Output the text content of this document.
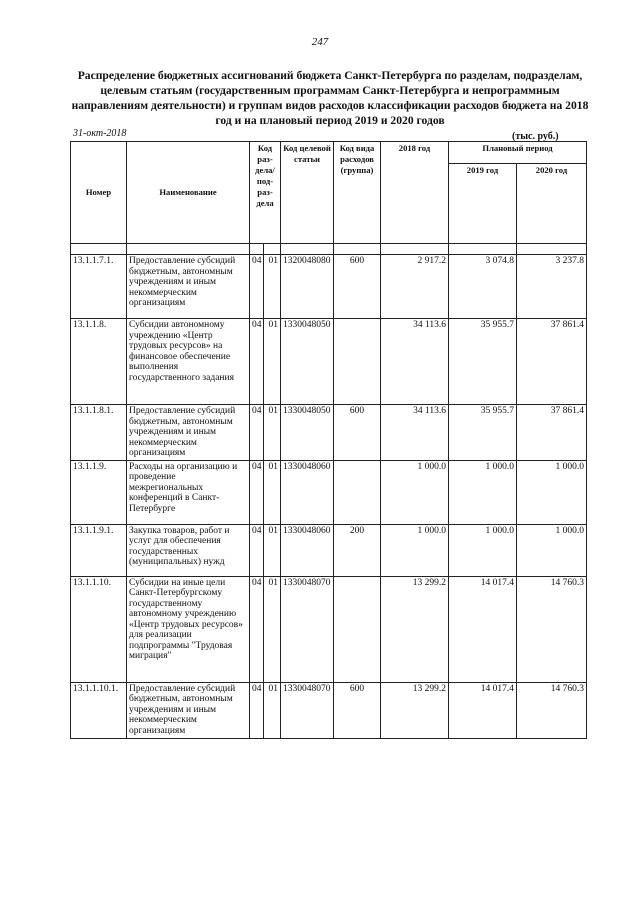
247
Распределение бюджетных ассигнований бюджета Санкт-Петербурга по разделам, подразделам, целевым статьям (государственным программам Санкт-Петербурга и непрограммным направлениям деятельности) и группам видов расходов классификации расходов бюджета на 2018 год и на плановый период 2019 и 2020 годов
31-окт-2018	(тыс. руб.)
Номер	Наименование	Код раз-дела/ под-раз-дела		Код целевой статьи	Код вида расходов (группа)	2018 год	Плановый период	
							2019 год	2020 год

13.1.1.7.1.	Предоставление субсидий бюджетным, автономным учреждениям и иным некоммерческим организациям	04	01	1320048080	600	2 917.2	3 074.8	3 237.8
13.1.1.8.	Субсидии автономному учреждению «Центр трудовых ресурсов» на финансовое обеспечение выполнения государственного задания	04	01	1330048050		34 113.6	35 955.7	37 861.4
13.1.1.8.1.	Предоставление субсидий бюджетным, автономным учреждениям и иным некоммерческим организациям	04	01	1330048050	600	34 113.6	35 955.7	37 861.4
13.1.1.9.	Расходы на организацию и проведение межрегиональных конференций в Санкт-Петербурге	04	01	1330048060		1 000.0	1 000.0	1 000.0
13.1.1.9.1.	Закупка товаров, работ и услуг для обеспечения государственных (муниципальных) нужд	04	01	1330048060	200	1 000.0	1 000.0	1 000.0
13.1.1.10.	Субсидии на иные цели Санкт-Петербургскому государственному автономному учреждению «Центр трудовых ресурсов» для реализации подпрограммы "Трудовая миграция"	04	01	1330048070		13 299.2	14 017.4	14 760.3
13.1.1.10.1.	Предоставление субсидий бюджетным, автономным учреждениям и иным некоммерческим организациям	04	01	1330048070	600	13 299.2	14 017.4	14 760.3
